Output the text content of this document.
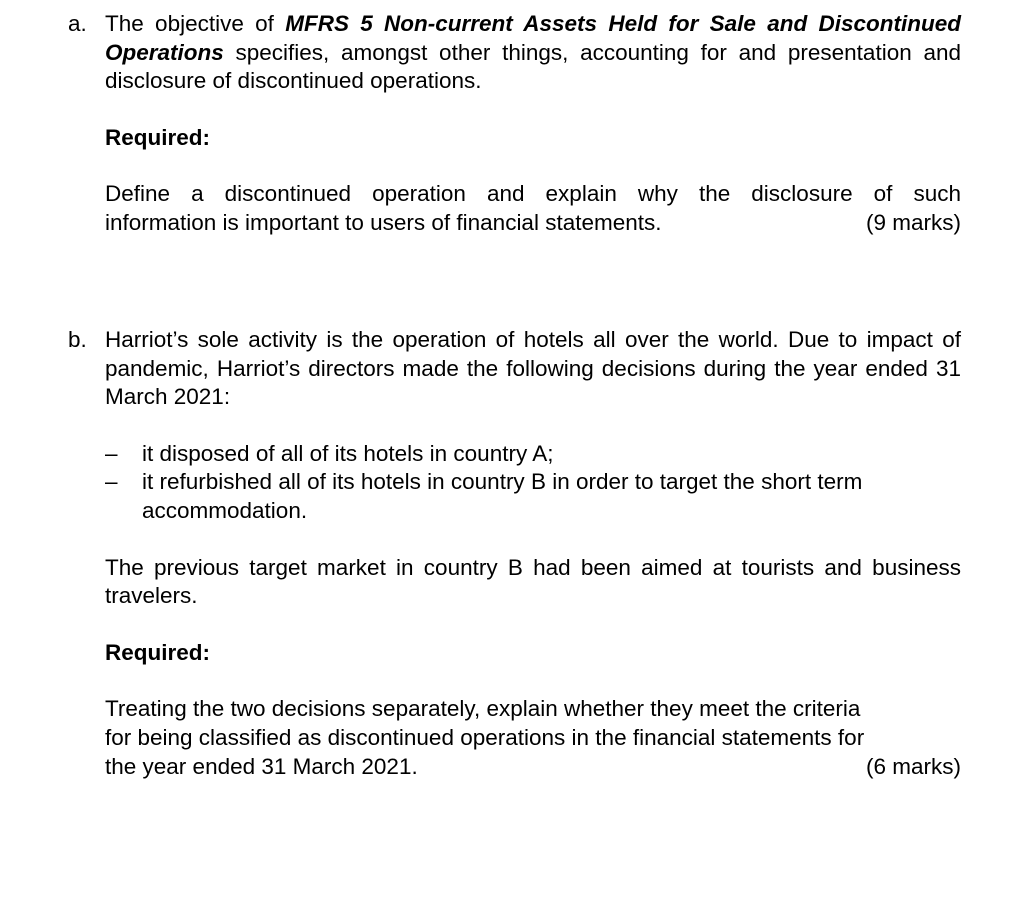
a. The objective of MFRS 5 Non-current Assets Held for Sale and Discontinued Operations specifies, amongst other things, accounting for and presentation and disclosure of discontinued operations.

Required:

Define a discontinued operation and explain why the disclosure of such
information is important to users of financial statements.	(9 marks)
b. Harriot’s sole activity is the operation of hotels all over the world. Due to impact of pandemic, Harriot’s directors made the following decisions during the year ended 31 March 2021:

– it disposed of all of its hotels in country A;
– it refurbished all of its hotels in country B in order to target the short term accommodation.

The previous target market in country B had been aimed at tourists and business travelers.

Required:

Treating the two decisions separately, explain whether they meet the criteria
for being classified as discontinued operations in the financial statements for
the year ended 31 March 2021.	(6 marks)
